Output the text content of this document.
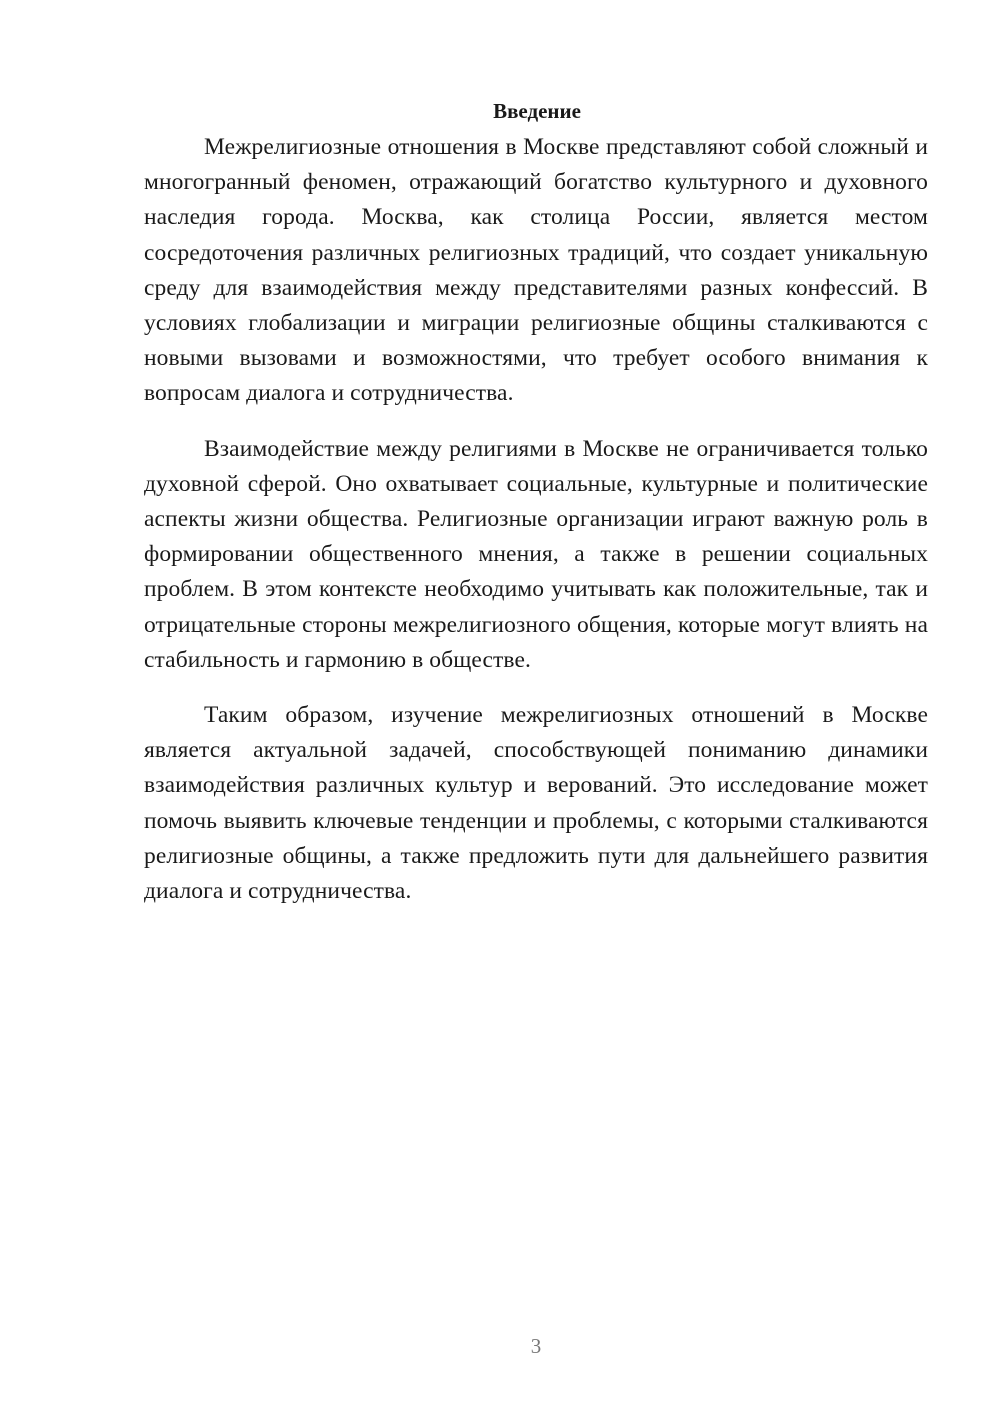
Введение

Межрелигиозные отношения в Москве представляют собой сложный и многогранный феномен, отражающий богатство культурного и духовного наследия города. Москва, как столица России, является местом сосредоточения различных религиозных традиций, что создает уникальную среду для взаимодействия между представителями разных конфессий. В условиях глобализации и миграции религиозные общины сталкиваются с новыми вызовами и возможностями, что требует особого внимания к вопросам диалога и сотрудничества.

Взаимодействие между религиями в Москве не ограничивается только духовной сферой. Оно охватывает социальные, культурные и политические аспекты жизни общества. Религиозные организации играют важную роль в формировании общественного мнения, а также в решении социальных проблем. В этом контексте необходимо учитывать как положительные, так и отрицательные стороны межрелигиозного общения, которые могут влиять на стабильность и гармонию в обществе.

Таким образом, изучение межрелигиозных отношений в Москве является актуальной задачей, способствующей пониманию динамики взаимодействия различных культур и верований. Это исследование может помочь выявить ключевые тенденции и проблемы, с которыми сталкиваются религиозные общины, а также предложить пути для дальнейшего развития диалога и сотрудничества.

3
